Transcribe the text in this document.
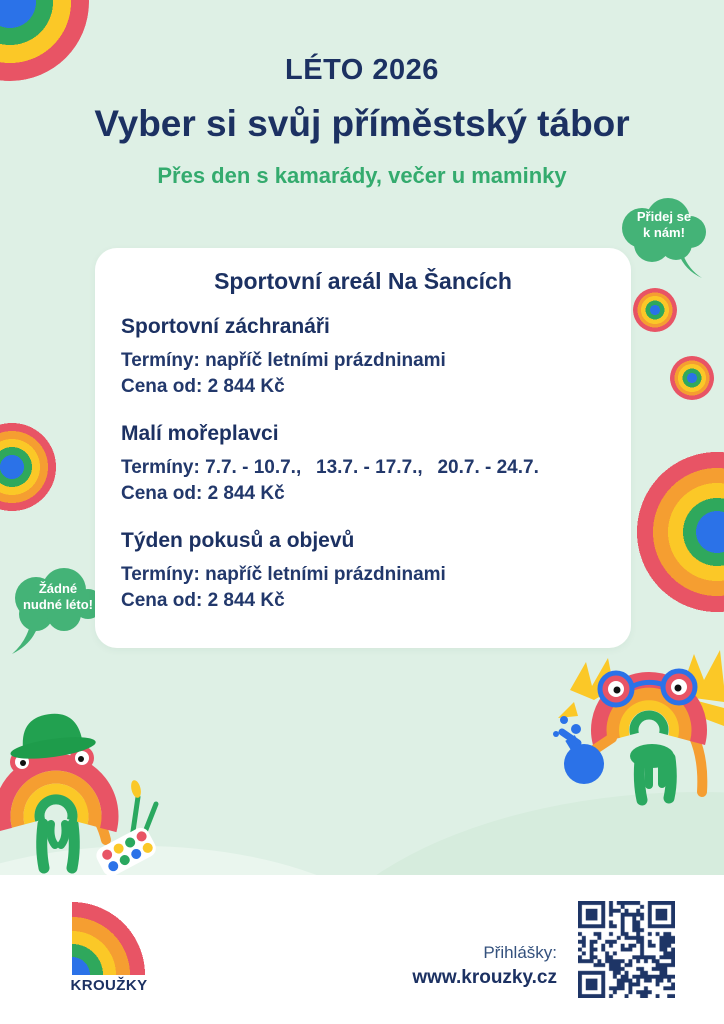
LÉTO 2026
Vyber si svůj příměstský tábor
Přes den s kamarády, večer u maminky
Přidej se
k nám!
Žádné
nudné léto!
Sportovní areál Na Šancích
Sportovní záchranáři
Termíny: napříč letními prázdninami
Cena od: 2 844 Kč
Malí mořeplavci
Termíny: 7.7. - 10.7.,  13.7. - 17.7.,  20.7. - 24.7.
Cena od: 2 844 Kč
Týden pokusů a objevů
Termíny: napříč letními prázdninami
Cena od: 2 844 Kč
KROUŽKY
Přihlášky:
www.krouzky.cz
